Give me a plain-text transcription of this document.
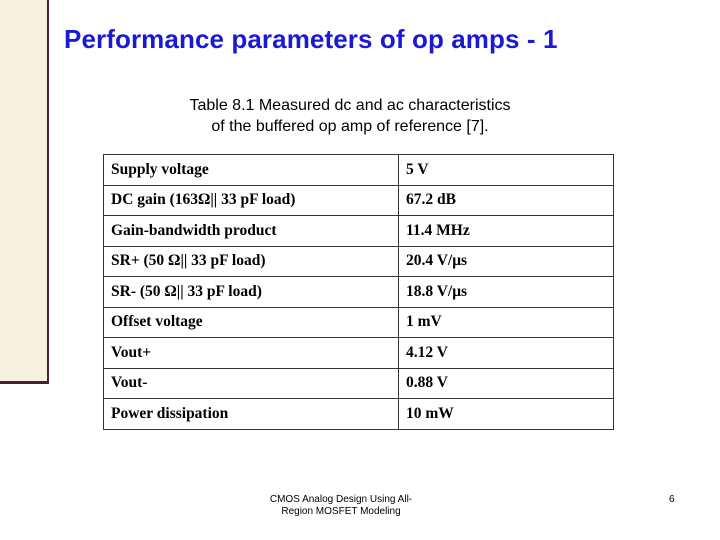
Performance parameters of op amps - 1
Table 8.1 Measured dc and ac characteristics
of the buffered op amp of reference [7].
Supply voltage	5 V
DC gain (163Ω|| 33 pF load)	67.2 dB
Gain-bandwidth product	11.4 MHz
SR+ (50 Ω|| 33 pF load)	20.4 V/μs
SR- (50 Ω|| 33 pF load)	18.8 V/μs
Offset voltage	1 mV
Vout+	4.12 V
Vout-	0.88 V
Power dissipation	10 mW
CMOS Analog Design Using All-Region MOSFET Modeling
6
